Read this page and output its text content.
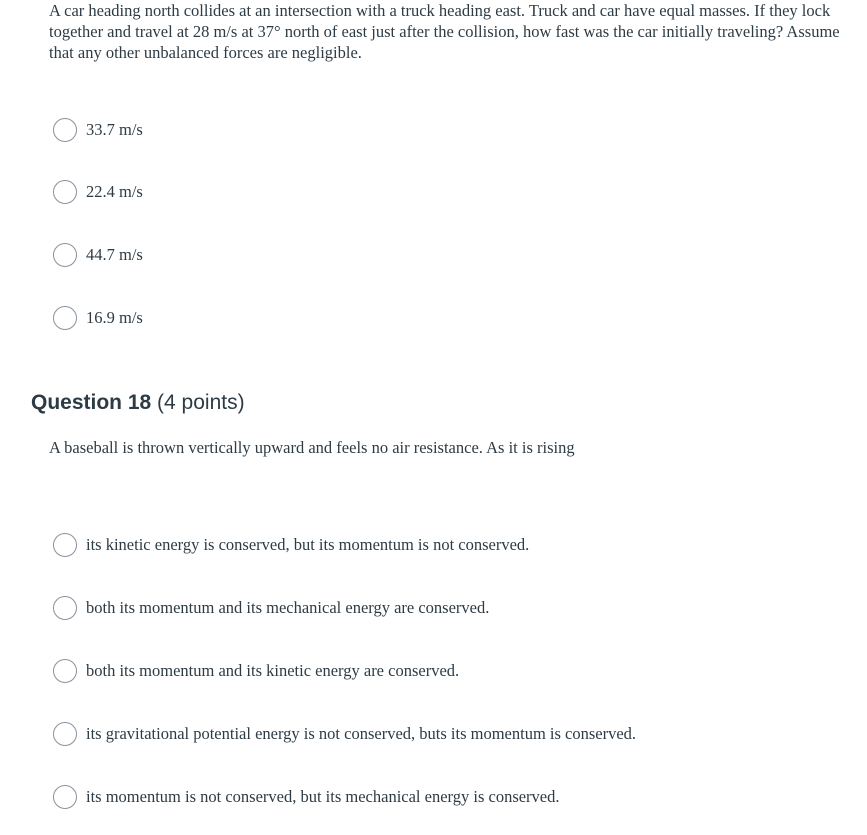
A car heading north collides at an intersection with a truck heading east. Truck and car have equal masses. If they lock together and travel at 28 m/s at 37° north of east just after the collision, how fast was the car initially traveling? Assume that any other unbalanced forces are negligible.

33.7 m/s
22.4 m/s
44.7 m/s
16.9 m/s
Question 18 (4 points)

A baseball is thrown vertically upward and feels no air resistance. As it is rising

its kinetic energy is conserved, but its momentum is not conserved.
both its momentum and its mechanical energy are conserved.
both its momentum and its kinetic energy are conserved.
its gravitational potential energy is not conserved, buts its momentum is conserved.
its momentum is not conserved, but its mechanical energy is conserved.
